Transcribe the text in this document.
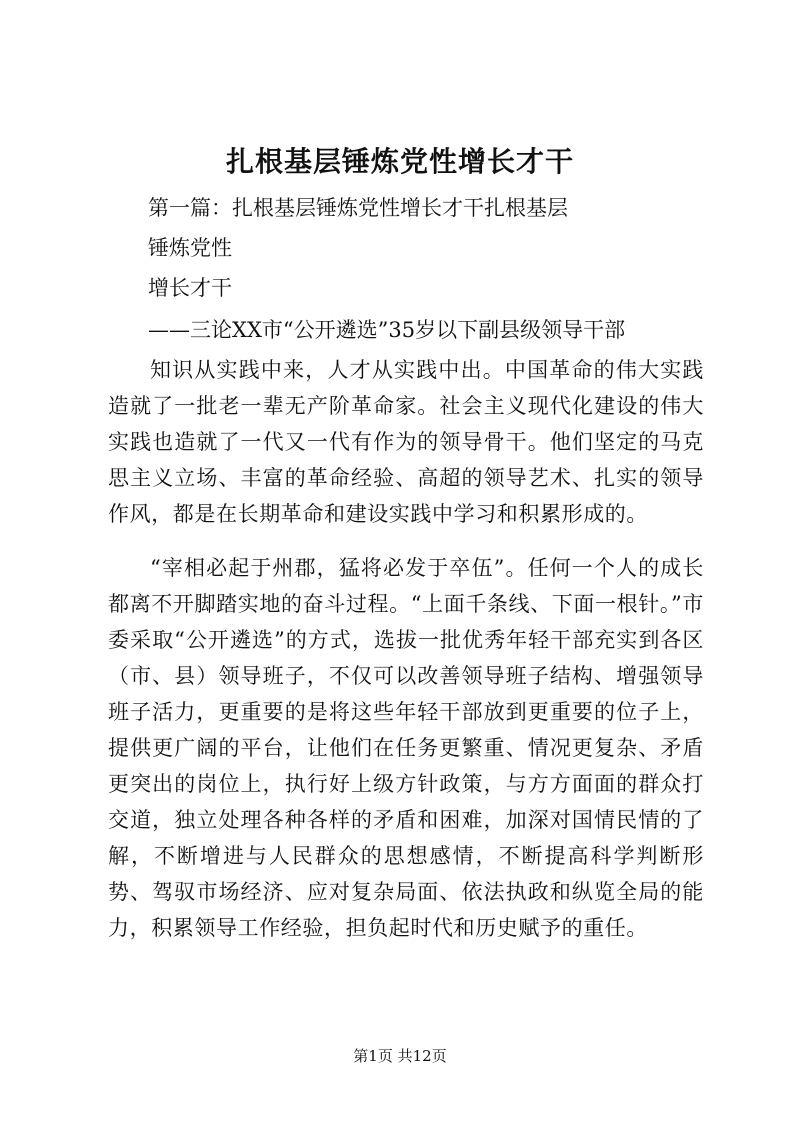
扎根基层锤炼党性增长才干
第一篇：扎根基层锤炼党性增长才干扎根基层
锤炼党性
增长才干
——三论XX市“公开遴选”35岁以下副县级领导干部
知识从实践中来，人才从实践中出。中国革命的伟大实践造就了一批老一辈无产阶革命家。社会主义现代化建设的伟大实践也造就了一代又一代有作为的领导骨干。他们坚定的马克思主义立场、丰富的革命经验、高超的领导艺术、扎实的领导作风，都是在长期革命和建设实践中学习和积累形成的。
“宰相必起于州郡，猛将必发于卒伍”。任何一个人的成长都离不开脚踏实地的奋斗过程。“上面千条线、下面一根针。”市委采取“公开遴选”的方式，选拔一批优秀年轻干部充实到各区（市、县）领导班子，不仅可以改善领导班子结构、增强领导班子活力，更重要的是将这些年轻干部放到更重要的位子上，提供更广阔的平台，让他们在任务更繁重、情况更复杂、矛盾更突出的岗位上，执行好上级方针政策，与方方面面的群众打交道，独立处理各种各样的矛盾和困难，加深对国情民情的了解，不断增进与人民群众的思想感情，不断提高科学判断形势、驾驭市场经济、应对复杂局面、依法执政和纵览全局的能力，积累领导工作经验，担负起时代和历史赋予的重任。
第1页 共12页
